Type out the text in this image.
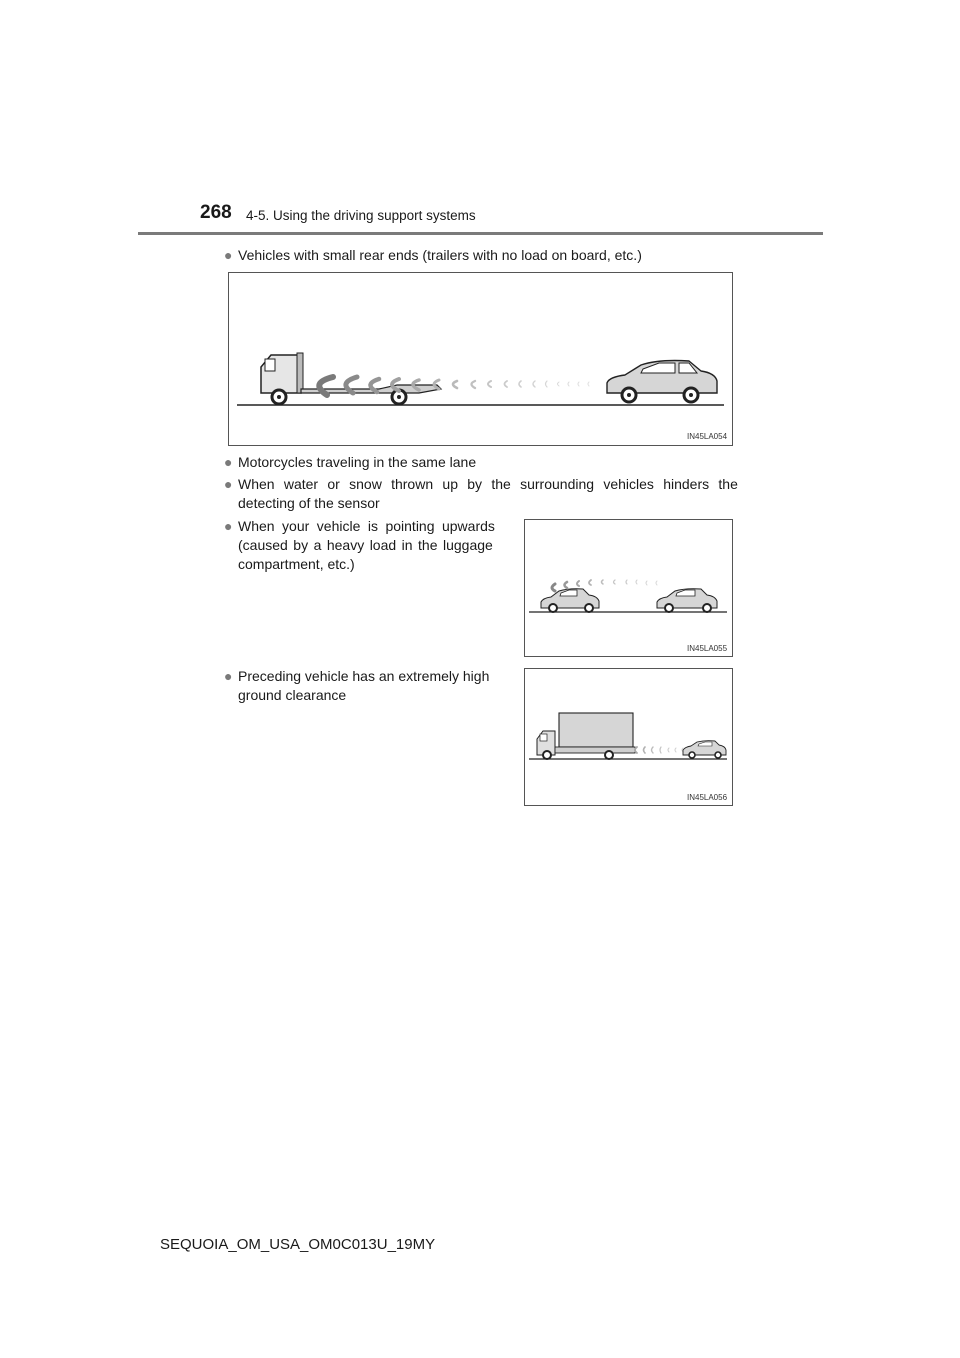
268 4-5. Using the driving support systems
● Vehicles with small rear ends (trailers with no load on board, etc.)
IN45LA054
● Motorcycles traveling in the same lane
● When water or snow thrown up by the surrounding vehicles hinders the
detecting of the sensor
● When your vehicle is pointing upwards
(caused by a heavy load in the luggage
compartment, etc.)
IN45LA055
● Preceding vehicle has an extremely high
ground clearance
IN45LA056
SEQUOIA_OM_USA_OM0C013U_19MY
